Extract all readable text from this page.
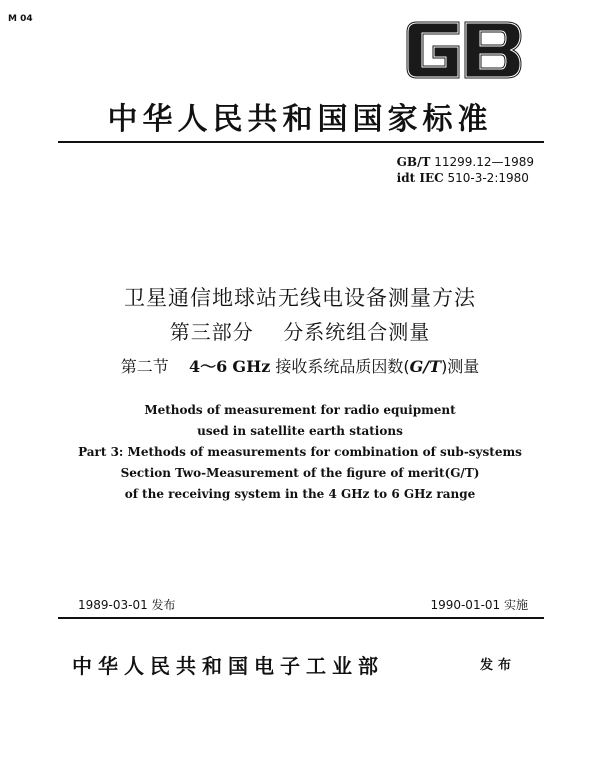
M 04
中华人民共和国国家标准
GB/T 11299.12—1989
idt IEC 510-3-2:1980
卫星通信地球站无线电设备测量方法
第三部分    分系统组合测量
第二节 4～6 GHz 接收系统品质因数(G/T)测量
Methods of measurement for radio equipment
used in satellite earth stations
Part 3: Methods of measurements for combination of sub-systems
Section Two-Measurement of the figure of merit(G/T)
of the receiving system in the 4 GHz to 6 GHz range
1989-03-01 发布	1990-01-01 实施
中华人民共和国电子工业部	发布
